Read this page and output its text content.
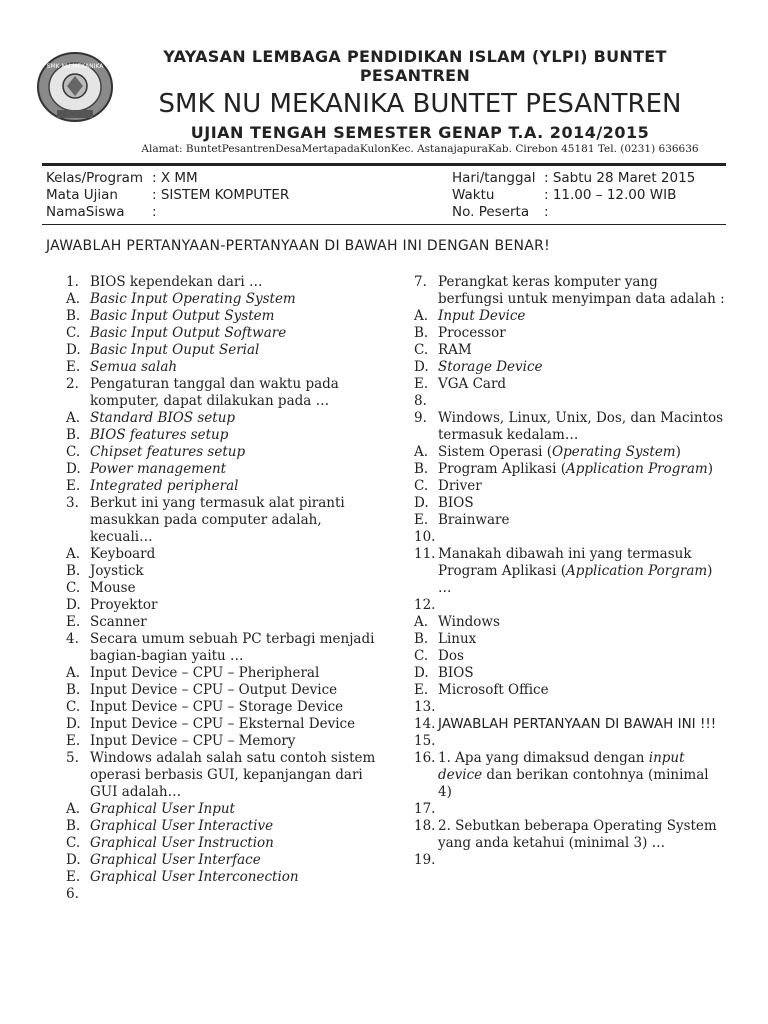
SMK NU MEKANIKA
YAYASAN LEMBAGA PENDIDIKAN ISLAM (YLPI) BUNTET PESANTREN
SMK NU MEKANIKA BUNTET PESANTREN
UJIAN TENGAH SEMESTER GENAP T.A. 2014/2015
Alamat: BuntetPesantrenDesaMertapadaKulonKec. AstanajapuraKab. Cirebon 45181 Tel. (0231) 636636
Kelas/Program : X MM
Mata Ujian	: SISTEM KOMPUTER
NamaSiswa :
Hari/tanggal : Sabtu 28 Maret 2015
Waktu	: 11.00 – 12.00 WIB
No. Peserta :
JAWABLAH PERTANYAAN-PERTANYAAN DI BAWAH INI DENGAN BENAR!
1. BIOS kependekan dari …
A. Basic Input Operating System
B. Basic Input Output System
C. Basic Input Output Software
D. Basic Input Ouput Serial
E. Semua salah
2. Pengaturan tanggal dan waktu pada komputer, dapat dilakukan pada …
A. Standard BIOS setup
B. BIOS features setup
C. Chipset features setup
D. Power management
E. Integrated peripheral
3. Berkut ini yang termasuk alat piranti masukkan pada computer adalah, kecuali…
A. Keyboard
B. Joystick
C. Mouse
D. Proyektor
E. Scanner
4. Secara umum sebuah PC terbagi menjadi bagian-bagian yaitu …
A. Input Device – CPU – Pheripheral
B. Input Device – CPU – Output Device
C. Input Device – CPU – Storage Device
D. Input Device – CPU – Eksternal Device
E. Input Device – CPU – Memory
5. Windows adalah salah satu contoh sistem operasi berbasis GUI, kepanjangan dari GUI adalah…
A. Graphical User Input
B. Graphical User Interactive
C. Graphical User Instruction
D. Graphical User Interface
E. Graphical User Interconection
6.
7. Perangkat keras komputer yang berfungsi untuk menyimpan data adalah :
A. Input Device
B. Processor
C. RAM
D. Storage Device
E. VGA Card
8.
9. Windows, Linux, Unix, Dos, dan Macintos termasuk kedalam…
A. Sistem Operasi (Operating System)
B. Program Aplikasi (Application Program)
C. Driver
D. BIOS
E. Brainware
10.
11. Manakah dibawah ini yang termasuk Program Aplikasi (Application Porgram) …
12.
A. Windows
B. Linux
C. Dos
D. BIOS
E. Microsoft Office
13.
14. JAWABLAH PERTANYAAN DI BAWAH INI !!!
15.
16. 1. Apa yang dimaksud dengan input device dan berikan contohnya (minimal 4)
17.
18. 2. Sebutkan beberapa Operating System yang anda ketahui (minimal 3) …
19.
